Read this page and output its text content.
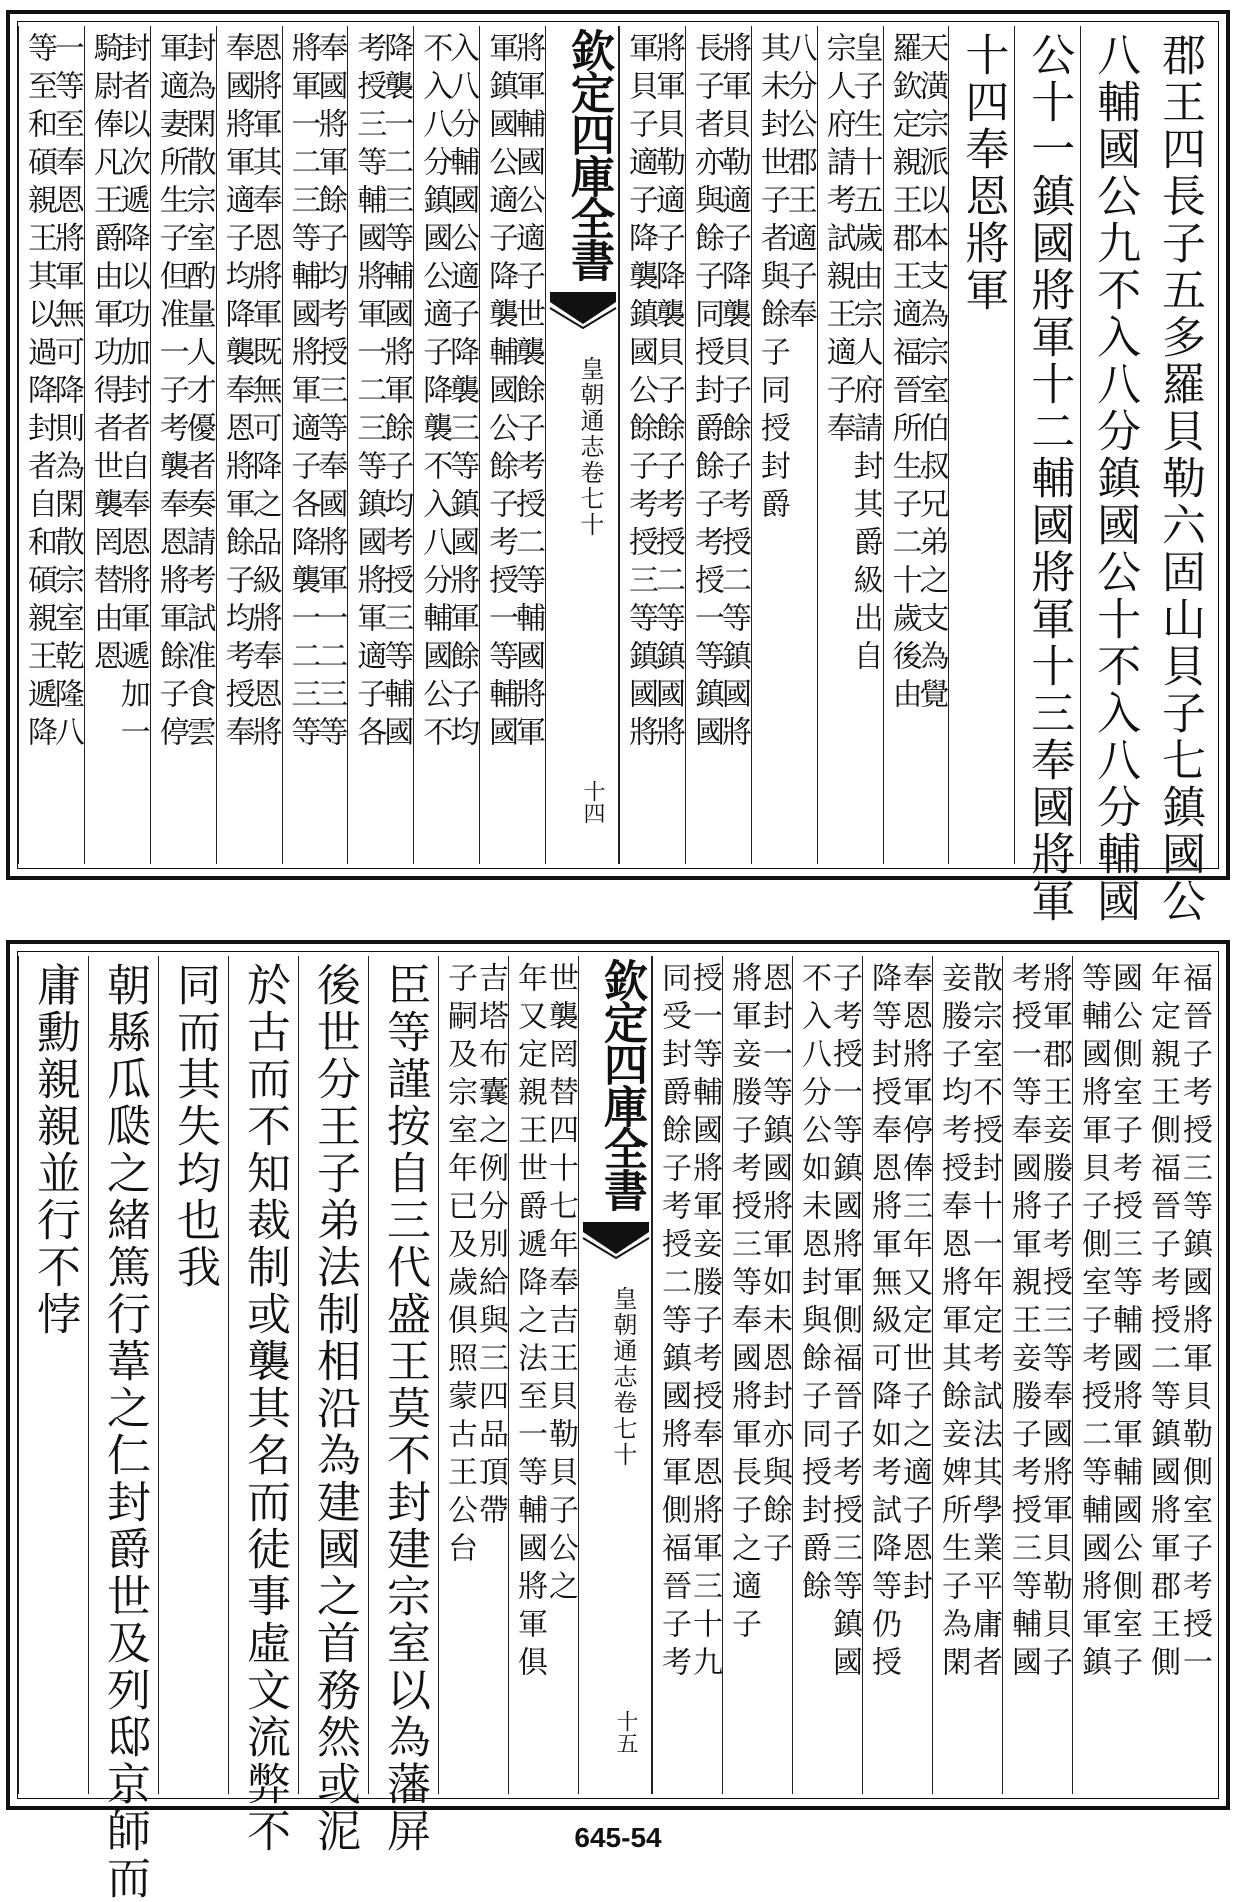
郡王四長子五多羅貝勒六固山貝子七鎮國公
八輔國公九不入八分鎮國公十不入八分輔國
公十一鎮國將軍十二輔國將軍十三奉國將軍
十四奉恩將軍
天潢宗派以本支為宗室伯叔兄弟之支為覺
羅欽定親王郡王適福晉所生子二十歲後由
皇子生十五歲由宗人府請封其爵級出自
宗人府請考試親王適子奉
八分公郡王適子奉
其未封世子者與餘子同授封爵
將軍貝勒適子降襲貝子餘子考授二等鎮國將
長子者亦與餘子同授封爵餘子考授一等鎮國
將軍貝勒適子降襲貝子餘子考授二等鎮國將
軍貝子適子降襲鎮國公餘子考授三等鎮國將
欽定四庫全書
皇朝通志卷七十
十四
將軍輔國公適子世襲餘子考授二等輔國將軍
軍鎮國公適子降襲輔國公餘子考授一等輔國
入八分輔國公適子降襲三等鎮國將軍餘子均
不入八分鎮國公適子降襲不入八分輔國公不
降襲一二三等輔國將軍餘子均考授三等輔國
考授三等輔國將軍一二三等鎮國將軍適子各
奉國將軍餘子均考授三等奉國將軍一二三等
將軍一二三等輔國將軍適子各降襲一二三等
恩將軍其奉恩將軍既無可降之品級將奉恩將
奉國將軍適子均降襲奉恩將軍餘子均考授奉
封為閑散宗室酌量人才優者奏請考試准食雲
軍適妻所生子但准一子考襲奉恩將軍餘子停
封者以次遞降以功加封者自奉恩將軍遞加一
騎尉俸凡王爵由軍功得者世襲罔替由恩
一等至奉恩將軍無可降則為閑散宗室乾隆八
等至和碩親王其以過降封者自和碩親王遞降
福晉子考授三等鎮國將軍貝勒側室子考授一
年定親王側福晉子考授二等鎮國將軍郡王側
國公側室子考授三等輔國將軍輔國公側室子
等輔國將軍貝子側室子考授二等輔國將軍鎮
將軍郡王妾媵子考授三等奉國將軍貝勒貝子
考授一等奉國將軍親王妾媵子考授三等輔國
散宗室不授封十一年定考試法其學業平庸者
妾媵子均考授奉恩將軍其餘妾婢所生子為閑
奉恩將軍停俸三年又定世子之適子恩封
降等封授奉恩將軍無級可降如考試降等仍授
子考授一等鎮國將軍側福晉子考授三等鎮國
不入八分公如未恩封與餘子同授封爵餘
恩封一等鎮國將軍如未恩封亦與餘子
將軍妾媵子考授三等奉國將軍長子之適子
授一等輔國將軍妾媵子考授奉恩將軍三十九
同受封爵餘子考授二等鎮國將軍側福晉子考
欽定四庫全書
皇朝通志卷七十
十五
世襲罔替四十七年奉吉王貝勒貝子公之
年又定親王世爵遞降之法至一等輔國將軍俱
吉塔布囊之例分別給與三四品頂帶
子嗣及宗室年已及歲俱照蒙古王公台
臣等謹按自三代盛王莫不封建宗室以為藩屏
後世分王子弟法制相沿為建國之首務然或泥
於古而不知裁制或襲其名而徒事虛文流弊不
同而其失均也我
朝縣瓜瓞之緒篤行葦之仁封爵世及列邸京師而
庸勳親親並行不悖
645-54
